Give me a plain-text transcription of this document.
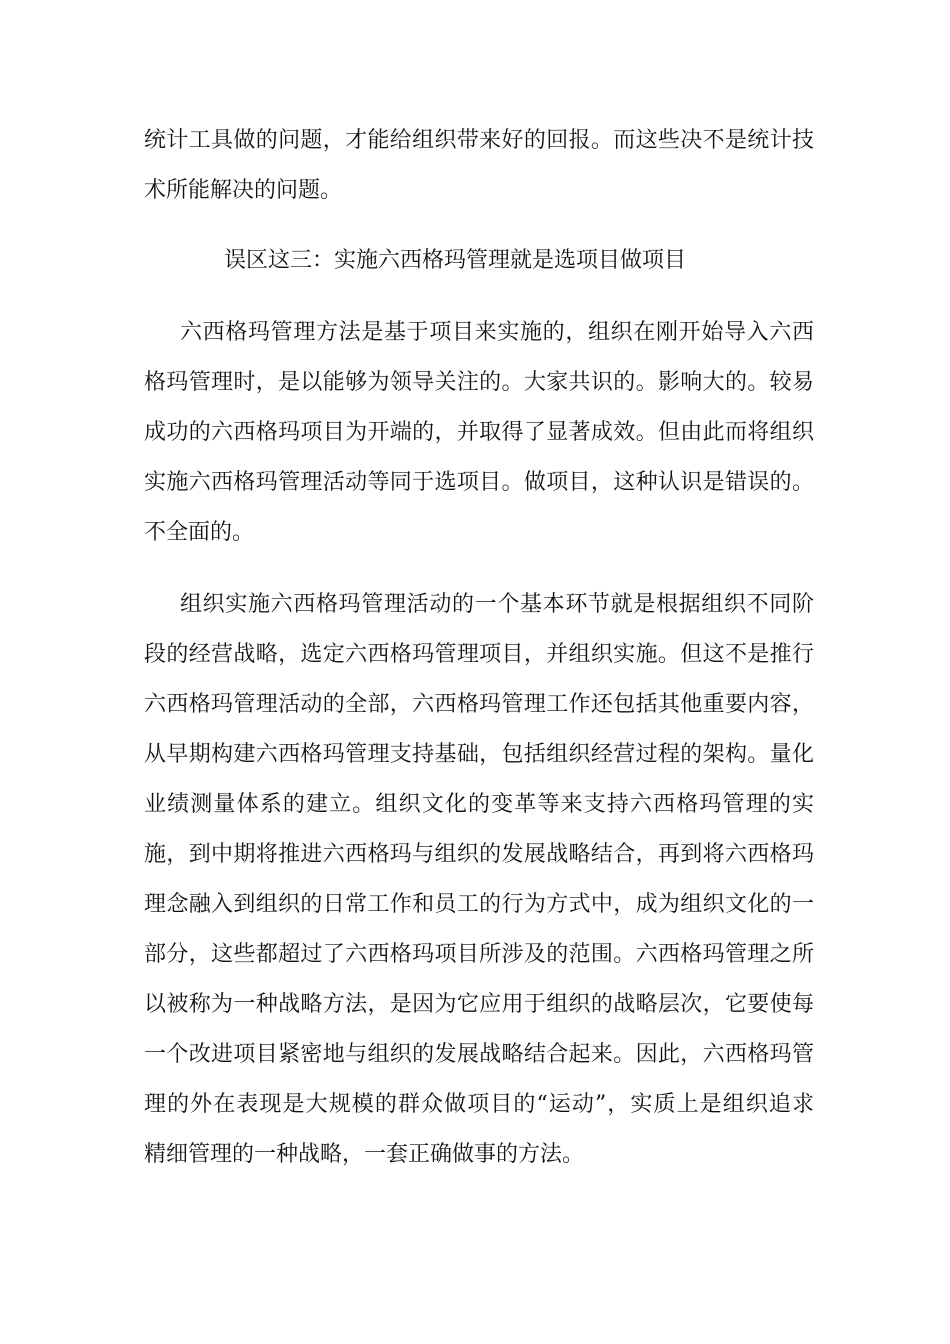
统计工具做的问题，才能给组织带来好的回报。而这些决不是统计技
术所能解决的问题。
误区这三：实施六西格玛管理就是选项目做项目
六西格玛管理方法是基于项目来实施的，组织在刚开始导入六西
格玛管理时，是以能够为领导关注的。大家共识的。影响大的。较易
成功的六西格玛项目为开端的，并取得了显著成效。但由此而将组织
实施六西格玛管理活动等同于选项目。做项目，这种认识是错误的。
不全面的。
组织实施六西格玛管理活动的一个基本环节就是根据组织不同阶
段的经营战略，选定六西格玛管理项目，并组织实施。但这不是推行
六西格玛管理活动的全部，六西格玛管理工作还包括其他重要内容，
从早期构建六西格玛管理支持基础，包括组织经营过程的架构。量化
业绩测量体系的建立。组织文化的变革等来支持六西格玛管理的实
施，到中期将推进六西格玛与组织的发展战略结合，再到将六西格玛
理念融入到组织的日常工作和员工的行为方式中，成为组织文化的一
部分，这些都超过了六西格玛项目所涉及的范围。六西格玛管理之所
以被称为一种战略方法，是因为它应用于组织的战略层次，它要使每
一个改进项目紧密地与组织的发展战略结合起来。因此，六西格玛管
理的外在表现是大规模的群众做项目的“运动”，实质上是组织追求
精细管理的一种战略，一套正确做事的方法。
